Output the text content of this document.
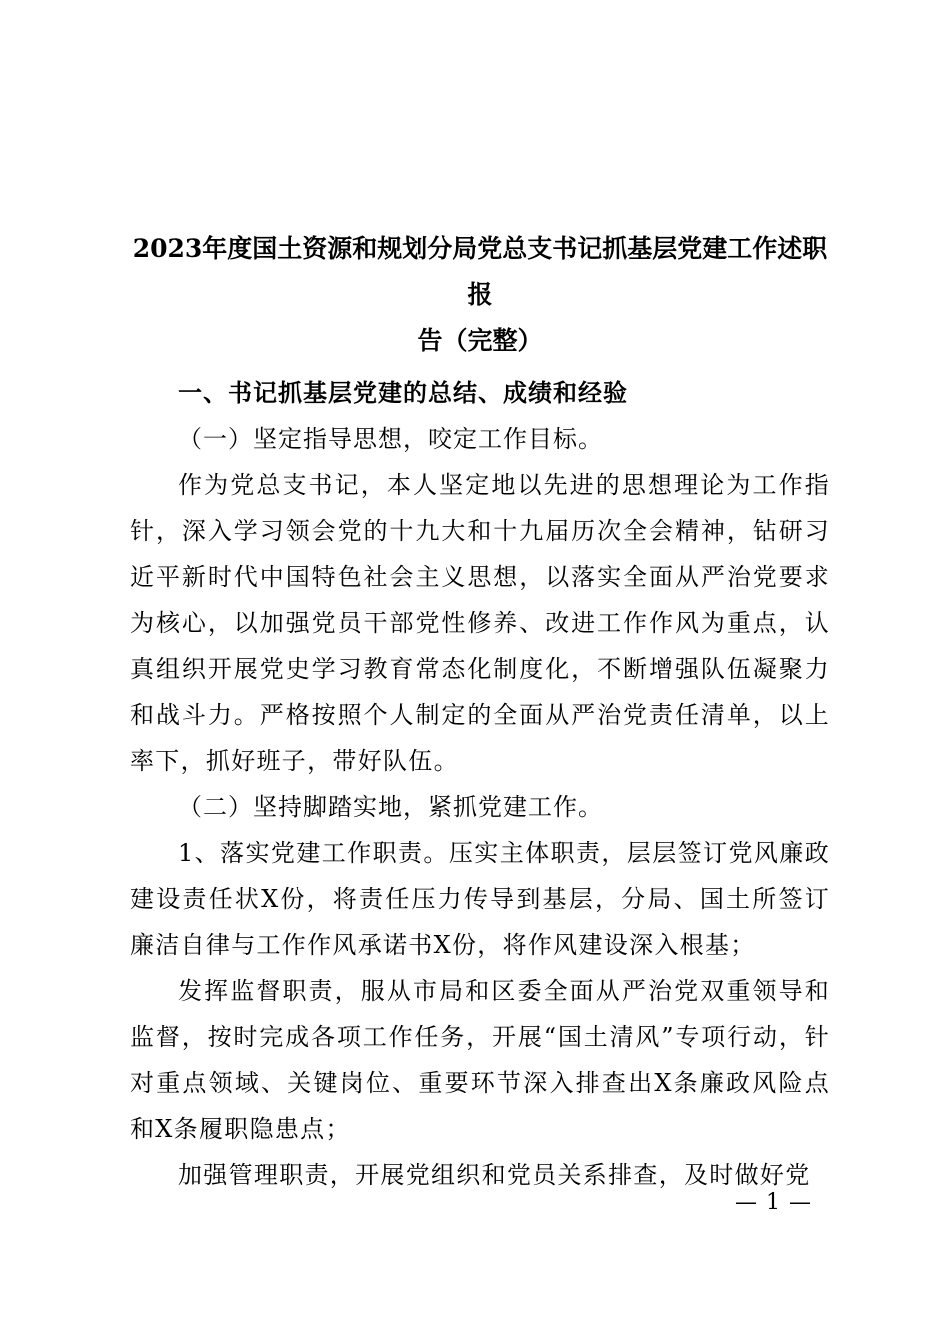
2023年度国土资源和规划分局党总支书记抓基层党建工作述职报
告（完整）

一、书记抓基层党建的总结、成绩和经验

（一）坚定指导思想，咬定工作目标。

作为党总支书记，本人坚定地以先进的思想理论为工作指针，深入学习领会党的十九大和十九届历次全会精神，钻研习近平新时代中国特色社会主义思想，以落实全面从严治党要求为核心，以加强党员干部党性修养、改进工作作风为重点，认真组织开展党史学习教育常态化制度化，不断增强队伍凝聚力和战斗力。严格按照个人制定的全面从严治党责任清单，以上率下，抓好班子，带好队伍。

（二）坚持脚踏实地，紧抓党建工作。

1、落实党建工作职责。压实主体职责，层层签订党风廉政建设责任状X份，将责任压力传导到基层，分局、国土所签订廉洁自律与工作作风承诺书X份，将作风建设深入根基；

发挥监督职责，服从市局和区委全面从严治党双重领导和监督，按时完成各项工作任务，开展“国土清风”专项行动，针对重点领域、关键岗位、重要环节深入排查出X条廉政风险点和X条履职隐患点；

加强管理职责，开展党组织和党员关系排查，及时做好党

— 1 —
